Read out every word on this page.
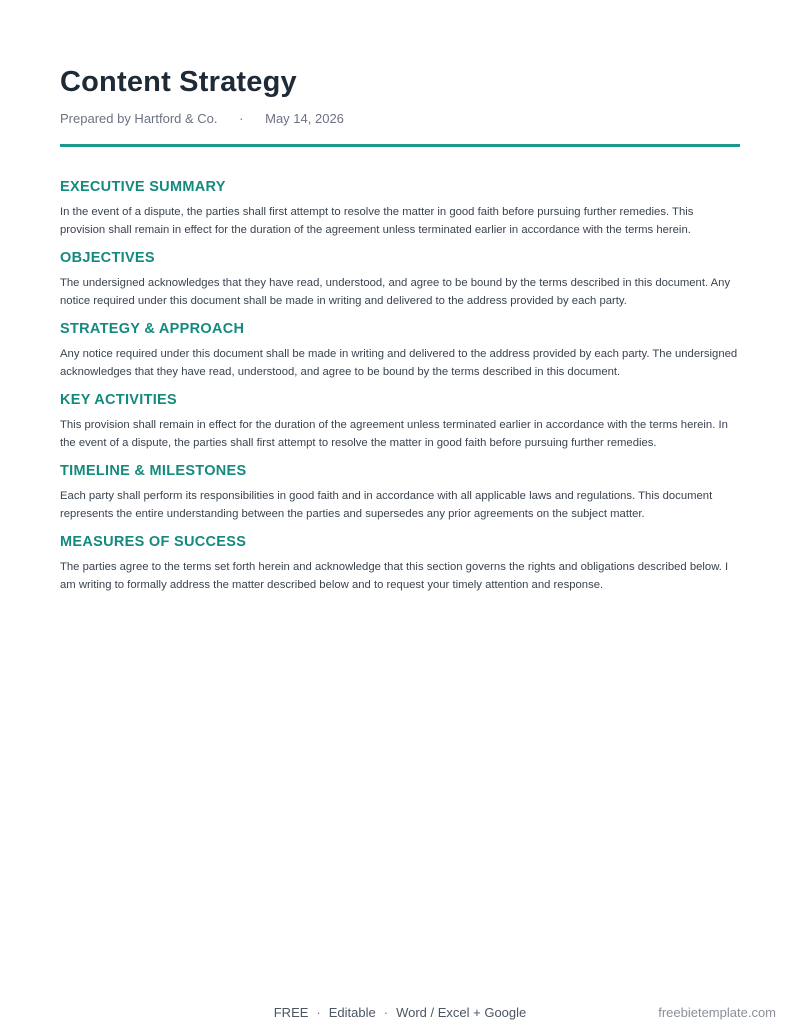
Content Strategy
Prepared by Hartford & Co. · May 14, 2026
EXECUTIVE SUMMARY

In the event of a dispute, the parties shall first attempt to resolve the matter in good faith before pursuing further remedies. This provision shall remain in effect for the duration of the agreement unless terminated earlier in accordance with the terms herein.

OBJECTIVES

The undersigned acknowledges that they have read, understood, and agree to be bound by the terms described in this document. Any notice required under this document shall be made in writing and delivered to the address provided by each party.

STRATEGY & APPROACH

Any notice required under this document shall be made in writing and delivered to the address provided by each party. The undersigned acknowledges that they have read, understood, and agree to be bound by the terms described in this document.

KEY ACTIVITIES

This provision shall remain in effect for the duration of the agreement unless terminated earlier in accordance with the terms herein. In the event of a dispute, the parties shall first attempt to resolve the matter in good faith before pursuing further remedies.

TIMELINE & MILESTONES

Each party shall perform its responsibilities in good faith and in accordance with all applicable laws and regulations. This document represents the entire understanding between the parties and supersedes any prior agreements on the subject matter.

MEASURES OF SUCCESS

The parties agree to the terms set forth herein and acknowledge that this section governs the rights and obligations described below. I am writing to formally address the matter described below and to request your timely attention and response.

FREE · Editable · Word / Excel + Google	freebietemplate.com
